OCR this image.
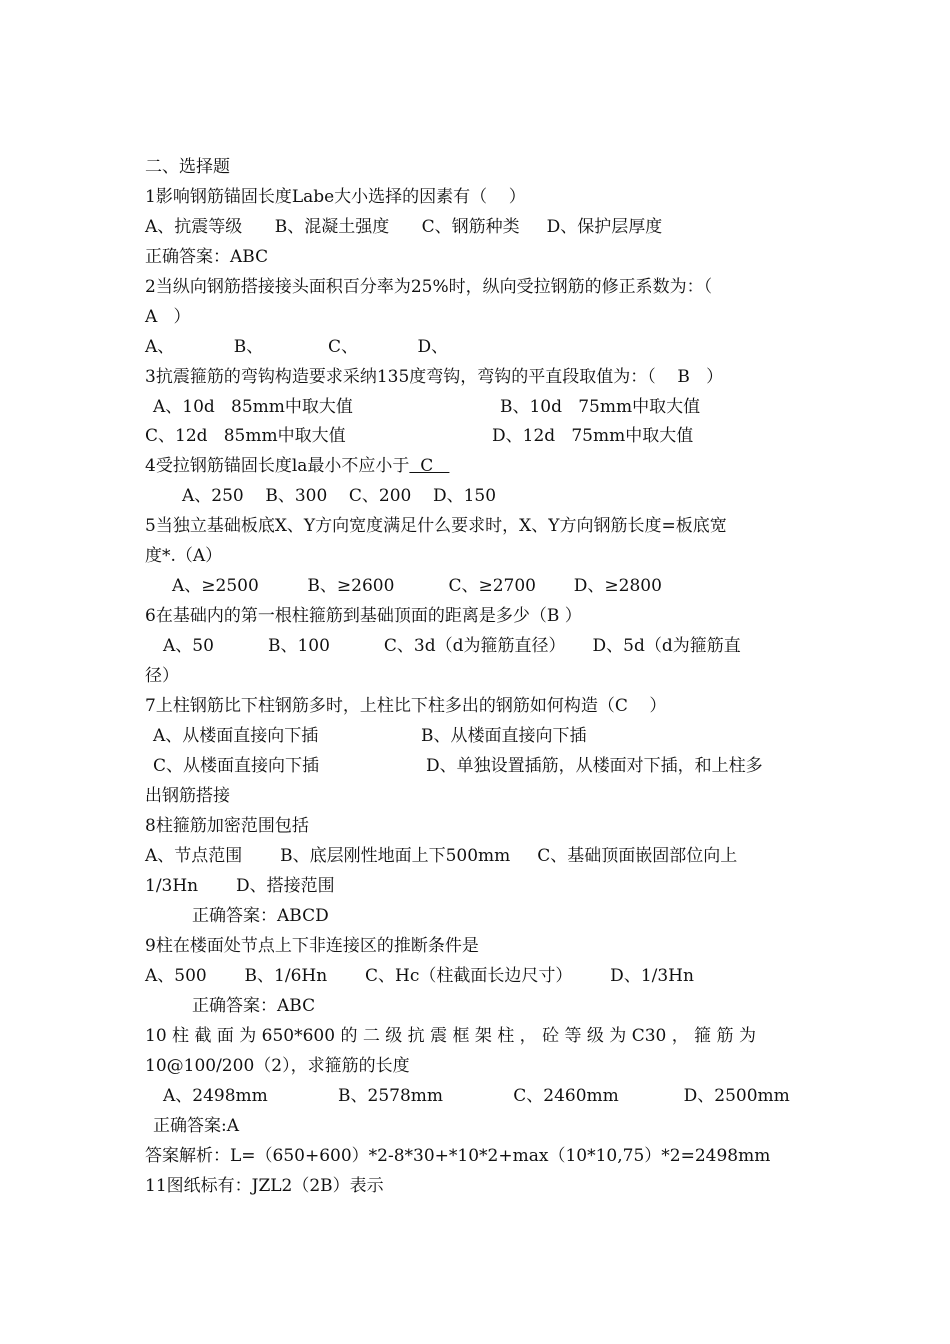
二、选择题
1影响钢筋锚固长度Labe大小选择的因素有（    ）
A、抗震等级      B、混凝土强度      C、钢筋种类     D、保护层厚度
正确答案：ABC
2当纵向钢筋搭接接头面积百分率为25%时，纵向受拉钢筋的修正系数为：（
A   ）
A、           B、            C、           D、
3抗震箍筋的弯钩构造要求采纳135度弯钩，弯钩的平直段取值为：（    B   ）
A、10d   85mm中取大值	B、10d   75mm中取大值
C、12d   85mm中取大值	D、12d   75mm中取大值
4受拉钢筋锚固长度la最小不应小于  C
A、250    B、300    C、200    D、150
5当独立基础板底X、Y方向宽度满足什么要求时，X、Y方向钢筋长度=板底宽
度*.（A）
A、≥2500         B、≥2600          C、≥2700       D、≥2800
6在基础内的第一根柱箍筋到基础顶面的距离是多少（B ）
A、50          B、100          C、3d（d为箍筋直径）     D、5d（d为箍筋直
径）
7上柱钢筋比下柱钢筋多时，上柱比下柱多出的钢筋如何构造（C    ）
A、从楼面直接向下插	B、从楼面直接向下插
C、从楼面直接向下插	D、单独设置插筋，从楼面对下插，和上柱多
出钢筋搭接
8柱箍筋加密范围包括
A、节点范围       B、底层刚性地面上下500mm     C、基础顶面嵌固部位向上
1/3Hn       D、搭接范围
正确答案：ABCD
9柱在楼面处节点上下非连接区的推断条件是
A、500       B、1/6Hn       C、Hc（柱截面长边尺寸）       D、1/3Hn
正确答案：ABC
10 柱 截 面 为 650*600 的 二 级 抗 震 框 架 柱 ， 砼 等 级 为 C30 ， 箍 筋 为
10@100/200（2），求箍筋的长度
A、2498mm             B、2578mm             C、2460mm            D、2500mm
正确答案:A
答案解析：L=（650+600）*2-8*30+*10*2+max（10*10,75）*2=2498mm
11图纸标有：JZL2（2B）表示
